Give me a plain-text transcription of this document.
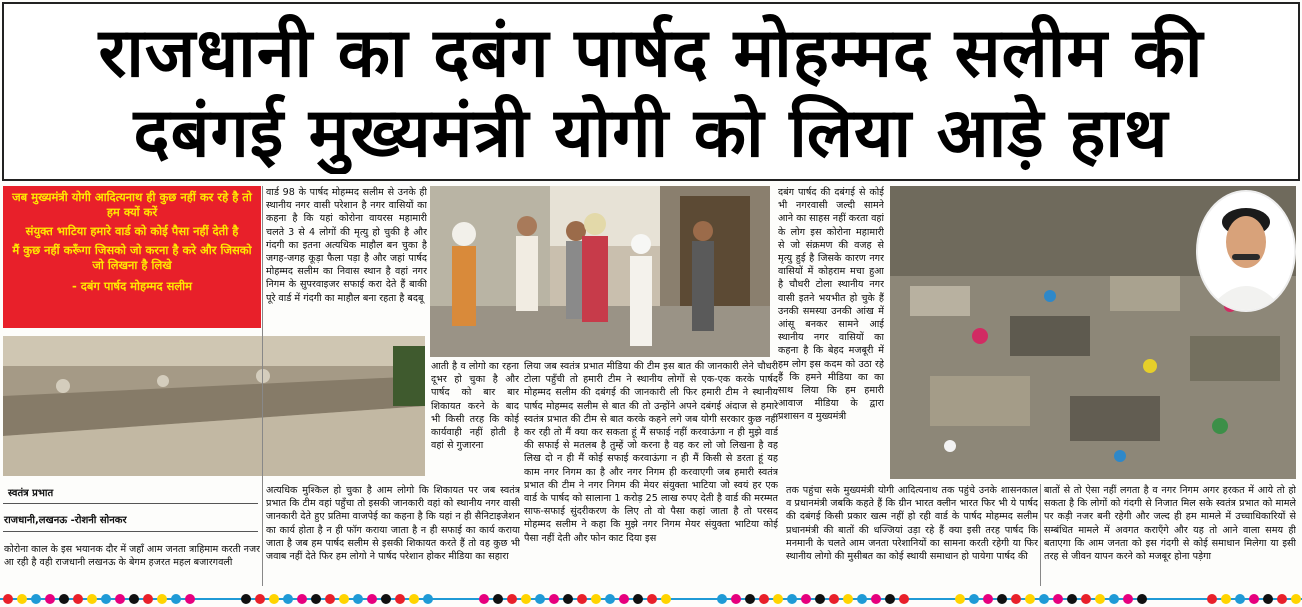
राजधानी का दबंग पार्षद मोहम्मद सलीम की
दबंगई मुख्यमंत्री योगी को लिया आड़े हाथ

जब मुख्यमंत्री योगी आदित्यनाथ ही कुछ नहीं कर रहे है तो हम क्यों करें

संयुक्त भाटिया हमारे वार्ड को कोई पैसा नहीं देती है

मैं कुछ नहीं करूँगा जिसको जो करना है करे और जिसको जो लिखना है लिखे

- दबंग पार्षद मोहम्मद सलीम

वार्ड 98 के पार्षद मोहम्मद सलीम से उनके ही स्थानीय नगर वासी परेशान है नगर वासियों का कहना है कि यहां कोरोना वायरस महामारी चलते 3 से 4 लोगों की मृत्यु हो चुकी है और गंदगी का इतना अत्यधिक माहौल बन चुका है जगह-जगह कूड़ा फैला पड़ा है और जहां पार्षद मोहम्मद सलीम का निवास स्थान है वहां नगर निगम के सुपरवाइजर सफाई करा देते हैं बाकी पूरे वार्ड में गंदगी का माहौल बना रहता है बदबू
दबंग पार्षद की दबंगई से कोई भी नगरवासी जल्दी सामने आने का साहस नहीं करता वहां के लोग इस कोरोना महामारी से जो संक्रमण की वजह से मृत्यु हुई है जिसके कारण नगर वासियों में कोहराम मचा हुआ है चौधरी टोला स्थानीय नगर वासी इतने भयभीत हो चुके हैं उनकी समस्या उनकी आंख में आंसू बनकर सामने आई स्थानीय नगर वासियों का कहना है कि बेहद मजबूरी में हम लोग इस कदम को उठा रहे हैं कि हमने मीडिया का का साथ लिया कि हम हमारी आवाज मीडिया के द्वारा प्रशासन व मुख्यमंत्री
आती है व लोगो का रहना दूभर हो चुका है और पार्षद को बार बार शिकायत करने के बाद भी किसी तरह कि कोई कार्यवाही नहीं होती है वहां से गुजारना
लिया जब स्वतंत्र प्रभात मीडिया की टीम इस बात की जानकारी लेने चौधरी टोला पहुँची तो हमारी टीम ने स्थानीय लोगों से एक-एक करके पार्षद मोहम्मद सलीम की दबंगई की जानकारी ली फिर हमारी टीम ने स्थानीय पार्षद मोहम्मद सलीम से बात की तो उन्होंने अपने दबंगई अंदाज से हमारे स्वतंत्र प्रभात की टीम से बात करके कहने लगे जब योगी सरकार कुछ नहीं कर रही तो मैं क्या कर सकता हूं मैं सफाई नहीं करवाऊंगा न ही मुझे वार्ड की सफाई से मतलब है तुम्हें जो करना है वह कर लो जो लिखना है वह लिख दो न ही मैं कोई सफाई करवाऊंगा न ही मैं किसी से डरता हूं यह काम नगर निगम का है और नगर निगम ही करवाएगी जब हमारी स्वतंत्र प्रभात की टीम ने नगर निगम की मेयर संयुक्ता भाटिया जो स्वयं हर एक वार्ड के पार्षद को सालाना 1 करोड़ 25 लाख रुपए देती है वार्ड की मरम्मत साफ-सफाई सुंदरीकरण के लिए तो वो पैसा कहां जाता है तो परसद मोहम्मद सलीम ने कहा कि मुझे नगर निगम मेयर संयुक्ता भाटिया कोई पैसा नहीं देती और फोन काट दिया इस
स्वतंत्र प्रभात
राजधानी,लखनऊ -रोशनी सोनकर
कोरोना काल के इस भयानक दौर में जहाँ आम जनता त्राहिमाम करती नजर आ रही है वही राजधानी लखनऊ के बेगम हजरत महल बजारगवली
अत्यधिक मुश्किल हो चुका है आम लोगो कि शिकायत पर जब स्वतंत्र प्रभात कि टीम वहां पहुँचा तो इसकी जानकारी वहां को स्थानीय नगर वासी जानकारी देते हुए प्रतिमा वाजपेई का कहना है कि यहां न ही सैनिटाइजेशन का कार्य होता है न ही फॉग कराया जाता है न ही सफाई का कार्य कराया जाता है जब हम पार्षद सलीम से इसकी शिकायत करते हैं तो वह कुछ भी जवाब नहीं देते फिर हम लोगो ने पार्षद परेशान होकर मीडिया का सहारा
तक पहुंचा सके मुख्यमंत्री योगी आदित्यनाथ तक पहुंचे उनके शासनकाल व प्रधानमंत्री जबकि कहते हैं कि ग्रीन भारत क्लीन भारत फिर भी ये पार्षद की दबंगई किसी प्रकार खत्म नहीं हो रही वार्ड के पार्षद मोहम्मद सलीम प्रधानमंत्री की बातों की धज्जियां उड़ा रहे हैं क्या इसी तरह पार्षद कि मनमानी के चलते आम जनता परेशानियों का सामना करती रहेगी या फिर स्थानीय लोगो की मुसीबत का कोई स्थायी समाधान हो पायेगा पार्षद की
बातों से तो ऐसा नहीं लगता है व नगर निगम अगर हरकत में आये तो हो सकता है कि लोगों को गंदगी से निजात मिल सके स्वतंत्र प्रभात को मामले पर कड़ी नजर बनी रहेगी और जल्द ही हम मामले में उच्चाधिकारियों से सम्बंधित मामले में अवगत कराएँगे और यह तो आने वाला समय ही बताएगा कि आम जनता को इस गंदगी से कोई समाधान मिलेगा या इसी तरह से जीवन यापन करने को मजबूर होना पड़ेगा
